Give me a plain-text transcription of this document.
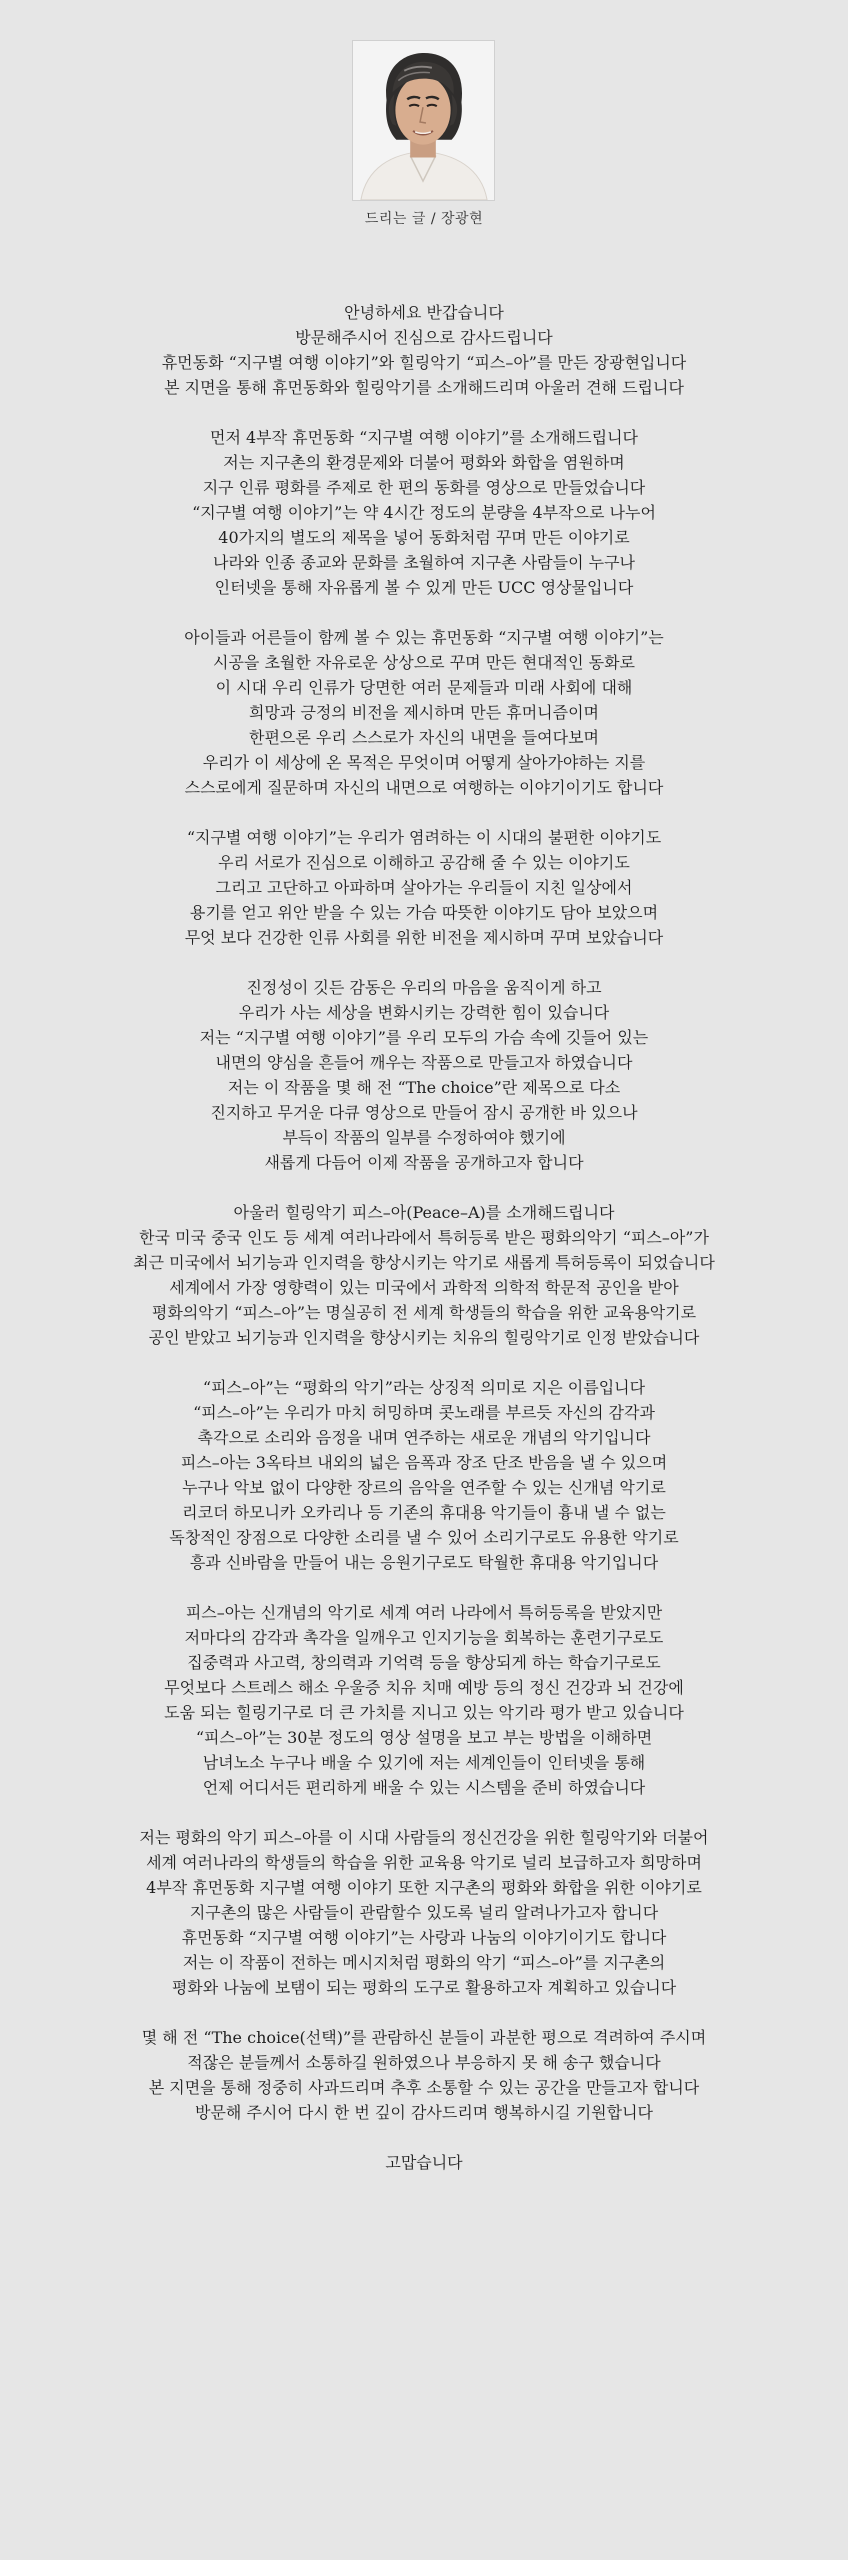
드리는 글 / 장광현

안녕하세요 반갑습니다
방문해주시어 진심으로 감사드립니다
휴먼동화 “지구별 여행 이야기”와 힐링악기 “피스–아”를 만든 장광현입니다
본 지면을 통해 휴먼동화와 힐링악기를 소개해드리며 아울러 견해 드립니다

먼저 4부작 휴먼동화 “지구별 여행 이야기”를 소개해드립니다
저는 지구촌의 환경문제와 더불어 평화와 화합을 염원하며
지구 인류 평화를 주제로 한 편의 동화를 영상으로 만들었습니다
“지구별 여행 이야기”는 약 4시간 정도의 분량을 4부작으로 나누어
40가지의 별도의 제목을 넣어 동화처럼 꾸며 만든 이야기로
나라와 인종 종교와 문화를 초월하여 지구촌 사람들이 누구나
인터넷을 통해 자유롭게 볼 수 있게 만든 UCC 영상물입니다

아이들과 어른들이 함께 볼 수 있는 휴먼동화 “지구별 여행 이야기”는
시공을 초월한 자유로운 상상으로 꾸며 만든 현대적인 동화로
이 시대 우리 인류가 당면한 여러 문제들과 미래 사회에 대해
희망과 긍정의 비전을 제시하며 만든 휴머니즘이며
한편으론 우리 스스로가 자신의 내면을 들여다보며
우리가 이 세상에 온 목적은 무엇이며 어떻게 살아가야하는 지를
스스로에게 질문하며 자신의 내면으로 여행하는 이야기이기도 합니다

“지구별 여행 이야기”는 우리가 염려하는 이 시대의 불편한 이야기도
우리 서로가 진심으로 이해하고 공감해 줄 수 있는 이야기도
그리고 고단하고 아파하며 살아가는 우리들이 지친 일상에서
용기를 얻고 위안 받을 수 있는 가슴 따뜻한 이야기도 담아 보았으며
무엇 보다 건강한 인류 사회를 위한 비전을 제시하며 꾸며 보았습니다

진정성이 깃든 감동은 우리의 마음을 움직이게 하고
우리가 사는 세상을 변화시키는 강력한 힘이 있습니다
저는 “지구별 여행 이야기”를 우리 모두의 가슴 속에 깃들어 있는
내면의 양심을 흔들어 깨우는 작품으로 만들고자 하였습니다
저는 이 작품을 몇 해 전 “The choice”란 제목으로 다소
진지하고 무거운 다큐 영상으로 만들어 잠시 공개한 바 있으나
부득이 작품의 일부를 수정하여야 했기에
새롭게 다듬어 이제 작품을 공개하고자 합니다

아울러 힐링악기 피스–아(Peace–A)를 소개해드립니다
한국 미국 중국 인도 등 세계 여러나라에서 특허등록 받은 평화의악기 “피스–아”가
최근 미국에서 뇌기능과 인지력을 향상시키는 악기로 새롭게 특허등록이 되었습니다
세계에서 가장 영향력이 있는 미국에서 과학적 의학적 학문적 공인을 받아
평화의악기 “피스–아”는 명실공히 전 세계 학생들의 학습을 위한 교육용악기로
공인 받았고 뇌기능과 인지력을 향상시키는 치유의 힐링악기로 인정 받았습니다

“피스–아”는 “평화의 악기”라는 상징적 의미로 지은 이름입니다
“피스–아”는 우리가 마치 허밍하며 콧노래를 부르듯 자신의 감각과
촉각으로 소리와 음정을 내며 연주하는 새로운 개념의 악기입니다
피스–아는 3옥타브 내외의 넓은 음폭과 장조 단조 반음을 낼 수 있으며
누구나 악보 없이 다양한 장르의 음악을 연주할 수 있는 신개념 악기로
리코더 하모니카 오카리나 등 기존의 휴대용 악기들이 흉내 낼 수 없는
독창적인 장점으로 다양한 소리를 낼 수 있어 소리기구로도 유용한 악기로
흥과 신바람을 만들어 내는 응원기구로도 탁월한 휴대용 악기입니다

피스–아는 신개념의 악기로 세계 여러 나라에서 특허등록을 받았지만
저마다의 감각과 촉각을 일깨우고 인지기능을 회복하는 훈련기구로도
집중력과 사고력, 창의력과 기억력 등을 향상되게 하는 학습기구로도
무엇보다 스트레스 해소 우울증 치유 치매 예방 등의 정신 건강과 뇌 건강에
도움 되는 힐링기구로 더 큰 가치를 지니고 있는 악기라 평가 받고 있습니다
“피스–아”는 30분 정도의 영상 설명을 보고 부는 방법을 이해하면
남녀노소 누구나 배울 수 있기에 저는 세계인들이 인터넷을 통해
언제 어디서든 편리하게 배울 수 있는 시스템을 준비 하였습니다

저는 평화의 악기 피스–아를 이 시대 사람들의 정신건강을 위한 힐링악기와 더불어
세계 여러나라의 학생들의 학습을 위한 교육용 악기로 널리 보급하고자 희망하며
4부작 휴먼동화 지구별 여행 이야기 또한 지구촌의 평화와 화합을 위한 이야기로
지구촌의 많은 사람들이 관람할수 있도록 널리 알려나가고자 합니다
휴먼동화 “지구별 여행 이야기”는 사랑과 나눔의 이야기이기도 합니다
저는 이 작품이 전하는 메시지처럼 평화의 악기 “피스–아”를 지구촌의
평화와 나눔에 보탬이 되는 평화의 도구로 활용하고자 계획하고 있습니다

몇 해 전 “The choice(선택)”를 관람하신 분들이 과분한 평으로 격려하여 주시며
적잖은 분들께서 소통하길 원하였으나 부응하지 못 해 송구 했습니다
본 지면을 통해 정중히 사과드리며 추후 소통할 수 있는 공간을 만들고자 합니다
방문해 주시어 다시 한 번 깊이 감사드리며 행복하시길 기원합니다

고맙습니다
